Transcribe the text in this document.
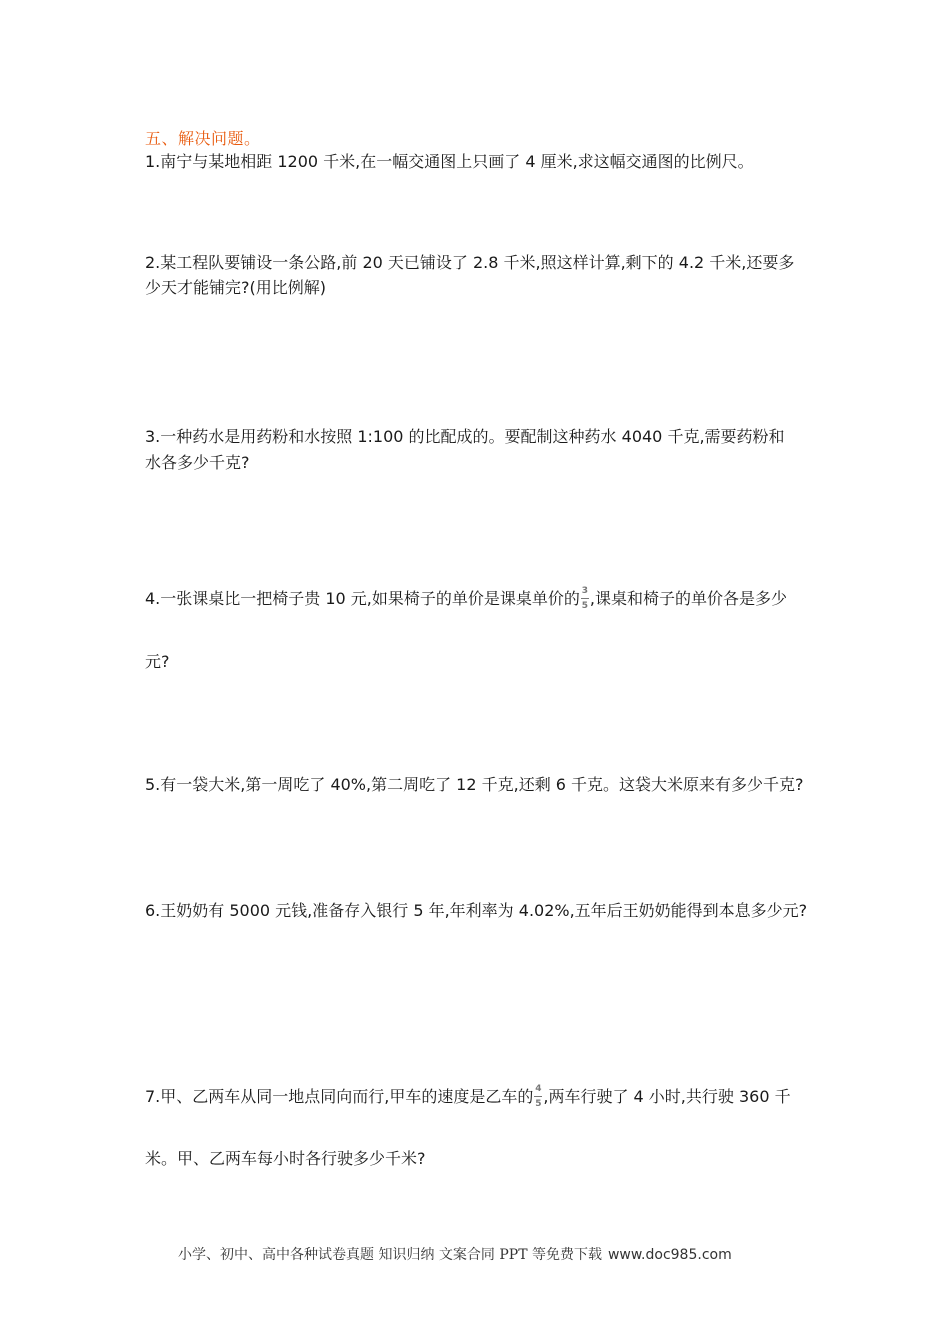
五、解决问题。
1.南宁与某地相距 1200 千米,在一幅交通图上只画了 4 厘米,求这幅交通图的比例尺。
2.某工程队要铺设一条公路,前 20 天已铺设了 2.8 千米,照这样计算,剩下的 4.2 千米,还要多
少天才能铺完?(用比例解)
3.一种药水是用药粉和水按照 1:100 的比配成的。要配制这种药水 4040 千克,需要药粉和
水各多少千克?
4.一张课桌比一把椅子贵 10 元,如果椅子的单价是课桌单价的 $\frac{3}{5}$ ,课桌和椅子的单价各是多少
元?
5.有一袋大米,第一周吃了 40%,第二周吃了 12 千克,还剩 6 千克。这袋大米原来有多少千克?
6.王奶奶有 5000 元钱,准备存入银行 5 年,年利率为 4.02%,五年后王奶奶能得到本息多少元?
7.甲、乙两车从同一地点同向而行,甲车的速度是乙车的 $\frac{4}{5}$ ,两车行驶了 4 小时,共行驶 360 千
米。甲、乙两车每小时各行驶多少千米?
小学、初中、高中各种试卷真题 知识归纳 文案合同 PPT 等免费下载 www.doc985.com
